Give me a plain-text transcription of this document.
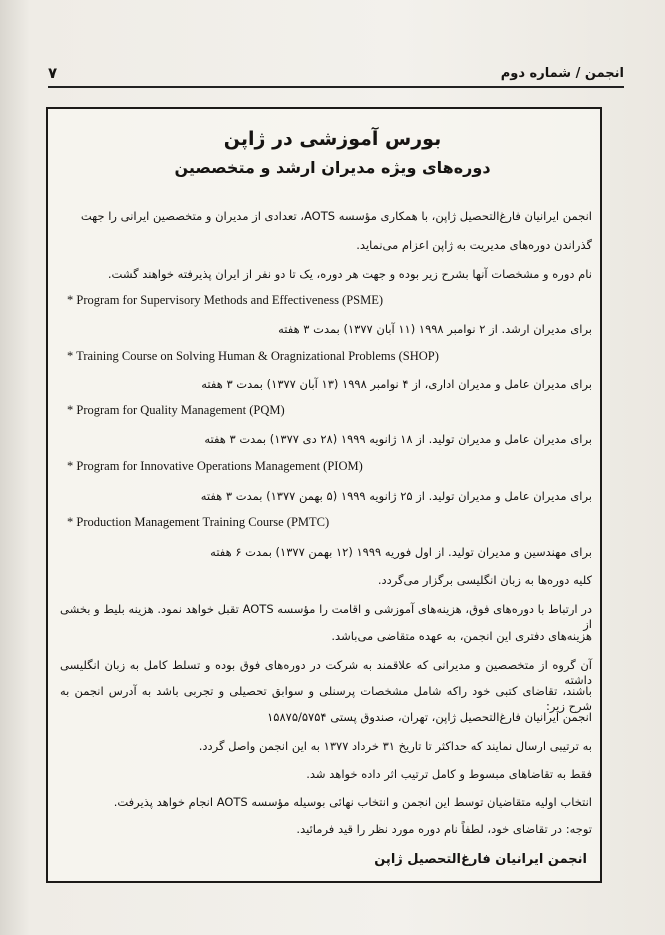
انجمن / شماره دوم
۷
بورس آموزشی در ژاپن
دوره‌های ویژه مدیران ارشد و متخصصین
انجمن ایرانیان فارغ‌التحصیل ژاپن، با همکاری مؤسسه AOTS، تعدادی از مدیران و متخصصین ایرانی را جهت
گذراندن دوره‌های مدیریت به ژاپن اعزام می‌نماید.
نام دوره و مشخصات آنها بشرح زیر بوده و جهت هر دوره، یک تا دو نفر از ایران پذیرفته خواهند گشت.
* Program for Supervisory Methods and Effectiveness (PSME)
برای مدیران ارشد. از ۲ نوامبر ۱۹۹۸ (۱۱ آبان ۱۳۷۷) بمدت ۳ هفته
* Training Course on Solving Human & Oragnizational Problems (SHOP)
برای مدیران عامل و مدیران اداری، از ۴ نوامبر ۱۹۹۸ (۱۳ آبان ۱۳۷۷) بمدت ۳ هفته
* Program for Quality Management (PQM)
برای مدیران عامل و مدیران تولید. از ۱۸ ژانویه ۱۹۹۹ (۲۸ دی ۱۳۷۷) بمدت ۳ هفته
* Program for Innovative Operations Management (PIOM)
برای مدیران عامل و مدیران تولید. از ۲۵ ژانویه ۱۹۹۹ (۵ بهمن ۱۳۷۷) بمدت ۳ هفته
* Production Management Training Course (PMTC)
برای مهندسین و مدیران تولید. از اول فوریه ۱۹۹۹ (۱۲ بهمن ۱۳۷۷) بمدت ۶ هفته
کلیه دوره‌ها به زبان انگلیسی برگزار می‌گردد.
در ارتباط با دوره‌های فوق، هزینه‌های آموزشی و اقامت را مؤسسه AOTS تقبل خواهد نمود. هزینه بلیط و بخشی از
هزینه‌های دفتری این انجمن، به عهده متقاضی می‌باشد.
آن گروه از متخصصین و مدیرانی که علاقمند به شرکت در دوره‌های فوق بوده و تسلط کامل به زبان انگلیسی داشته
باشند، تقاضای کتبی خود راکه شامل مشخصات پرسنلی و سوابق تحصیلی و تجربی باشد به آدرس انجمن به شرح زیر:
انجمن ایرانیان فارغ‌التحصیل ژاپن، تهران، صندوق پستی ۱۵۸۷۵/۵۷۵۴
به ترتیبی ارسال نمایند که حداکثر تا تاریخ ۳۱ خرداد ۱۳۷۷ به این انجمن واصل گردد.
فقط به تقاضاهای مبسوط و کامل ترتیب اثر داده خواهد شد.
انتخاب اولیه متقاضیان توسط این انجمن و انتخاب نهائی بوسیله مؤسسه AOTS انجام خواهد پذیرفت.
توجه: در تقاضای خود، لطفاً نام دوره مورد نظر را قید فرمائید.
انجمن ایرانیان فارغ‌التحصیل ژاپن
